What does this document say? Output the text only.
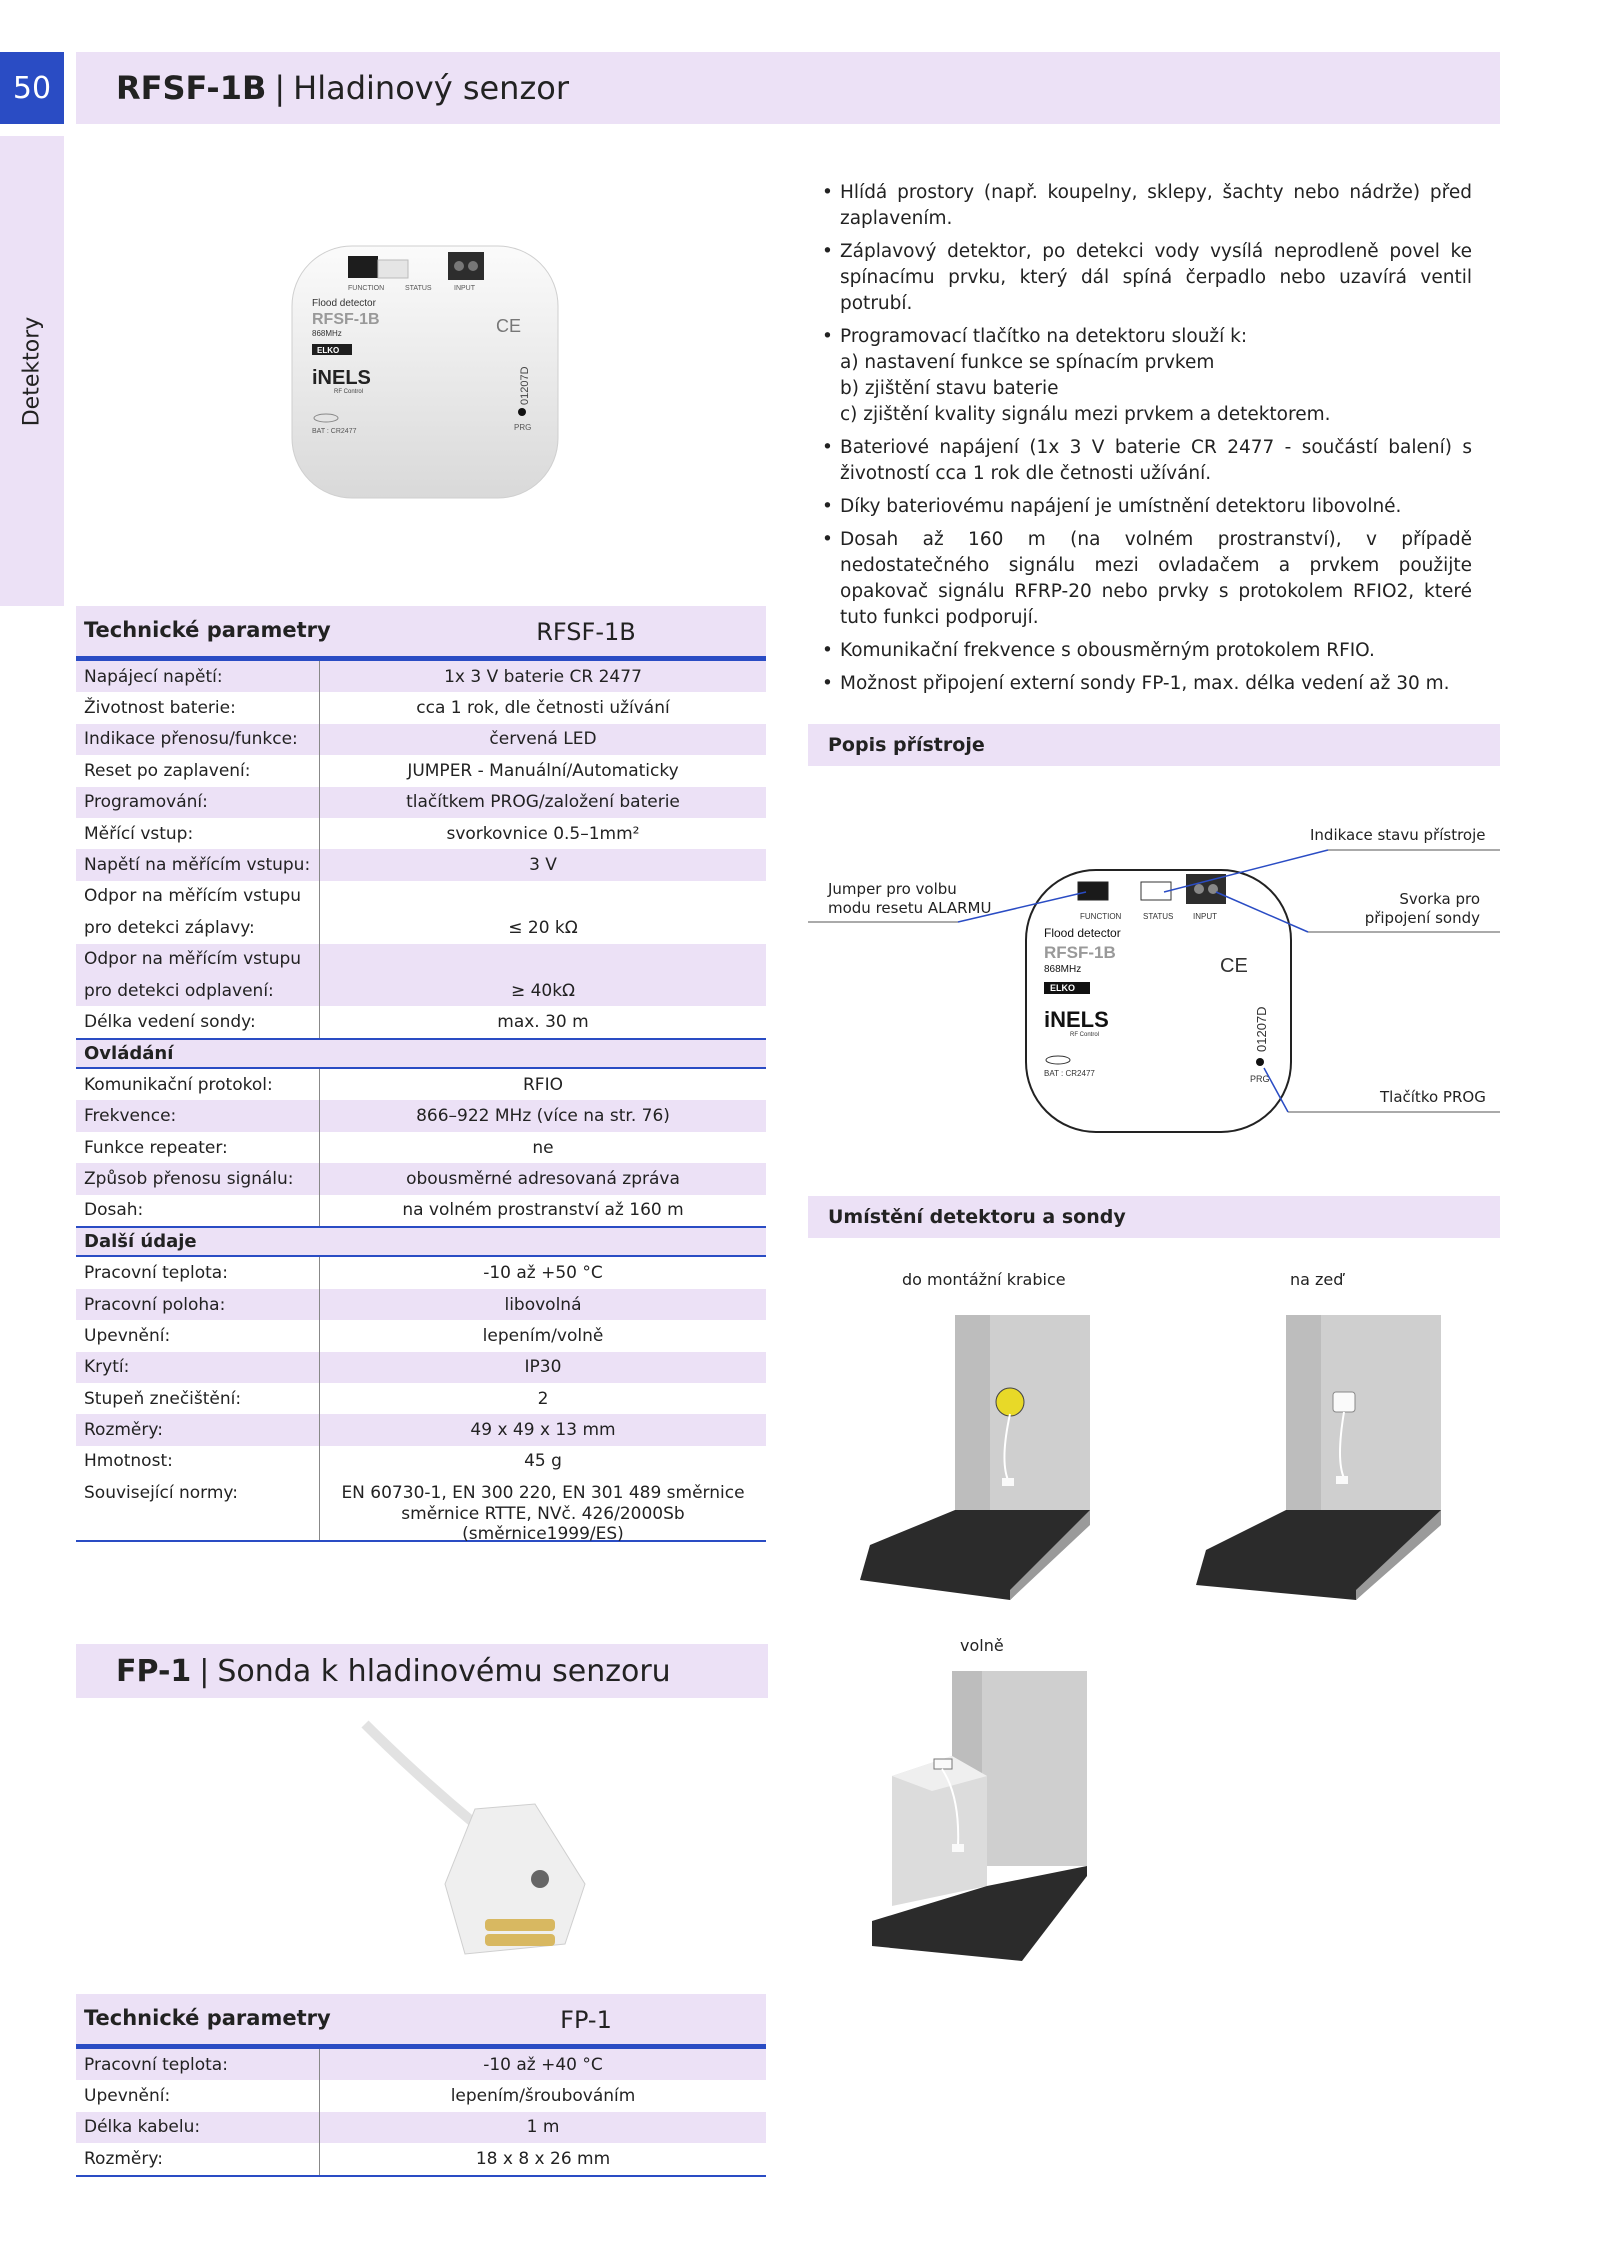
50	RFSF-1B | Hladinový senzor
Detektory
FUNCTION	STATUS	INPUT
Flood detector
RFSF-1B
868MHz
ELKO
iNELS
RF Control
BAT : CR2477
CE
01207D
PRG
• Hlídá prostory (např. koupelny, sklepy, šachty nebo nádrže) před zaplavením.
• Záplavový detektor, po detekci vody vysílá neprodleně povel ke spínacímu prvku, který dál spíná čerpadlo nebo uzavírá ventil potrubí.
• Programovací tlačítko na detektoru slouží k:
a) nastavení funkce se spínacím prvkem
b) zjištění stavu baterie
c) zjištění kvality signálu mezi prvkem a detektorem.
• Bateriové napájení (1x 3 V baterie CR 2477 - součástí balení) s životností cca 1 rok dle četnosti užívání.
• Díky bateriovému napájení je umístnění detektoru libovolné.
• Dosah až 160 m (na volném prostranství), v případě nedostatečného signálu mezi ovladačem a prvkem použijte opakovač signálu RFRP-20 nebo prvky s protokolem RFIO2, které tuto funkci podporují.
• Komunikační frekvence s obousměrným protokolem RFIO.
• Možnost připojení externí sondy FP-1, max. délka vedení až 30 m.
Technické parametry	RFSF-1B
Napájecí napětí:	1x 3 V baterie CR 2477
Životnost baterie:	cca 1 rok, dle četnosti užívání
Indikace přenosu/funkce:	červená LED
Reset po zaplavení:	JUMPER - Manuální/Automaticky
Programování:	tlačítkem PROG/založení baterie
Měřící vstup:	svorkovnice 0.5–1mm²
Napětí na měřícím vstupu:	3 V
Odpor na měřícím vstupu
pro detekci záplavy:	≤ 20 kΩ
Odpor na měřícím vstupu
pro detekci odplavení:	≥ 40kΩ
Délka vedení sondy:	max. 30 m
Ovládání
Komunikační protokol:	RFIO
Frekvence:	866–922 MHz (více na str. 76)
Funkce repeater:	ne
Způsob přenosu signálu:	obousměrné adresovaná zpráva
Dosah:	na volném prostranství až 160 m
Další údaje
Pracovní teplota:	-10 až +50 °C
Pracovní poloha:	libovolná
Upevnění:	lepením/volně
Krytí:	IP30
Stupeň znečištění:	2
Rozměry:	49 x 49 x 13 mm
Hmotnost:	45 g
Související normy:	EN 60730-1, EN 300 220, EN 301 489 směrnice
směrnice RTTE, NVč. 426/2000Sb (směrnice1999/ES)
Popis přístroje
FUNCTION	STATUS INPUT
Flood detector
RFSF-1B
868MHz
ELKO
iNELS
RF Control
BAT : CR2477
CE
01207D
PRG
Indikace stavu přístroje
Jumper pro volbu
modu resetu ALARMU	Svorka pro
připojení sondy
Tlačítko PROG
Umístění detektoru a sondy
do montážní krabice	na zeď
volně
FP-1 | Sonda k hladinovému senzoru
Technické parametry	FP-1
Pracovní teplota:	-10 až +40 °C
Upevnění:	lepením/šroubováním
Délka kabelu:	1 m
Rozměry:	18 x 8 x 26 mm
